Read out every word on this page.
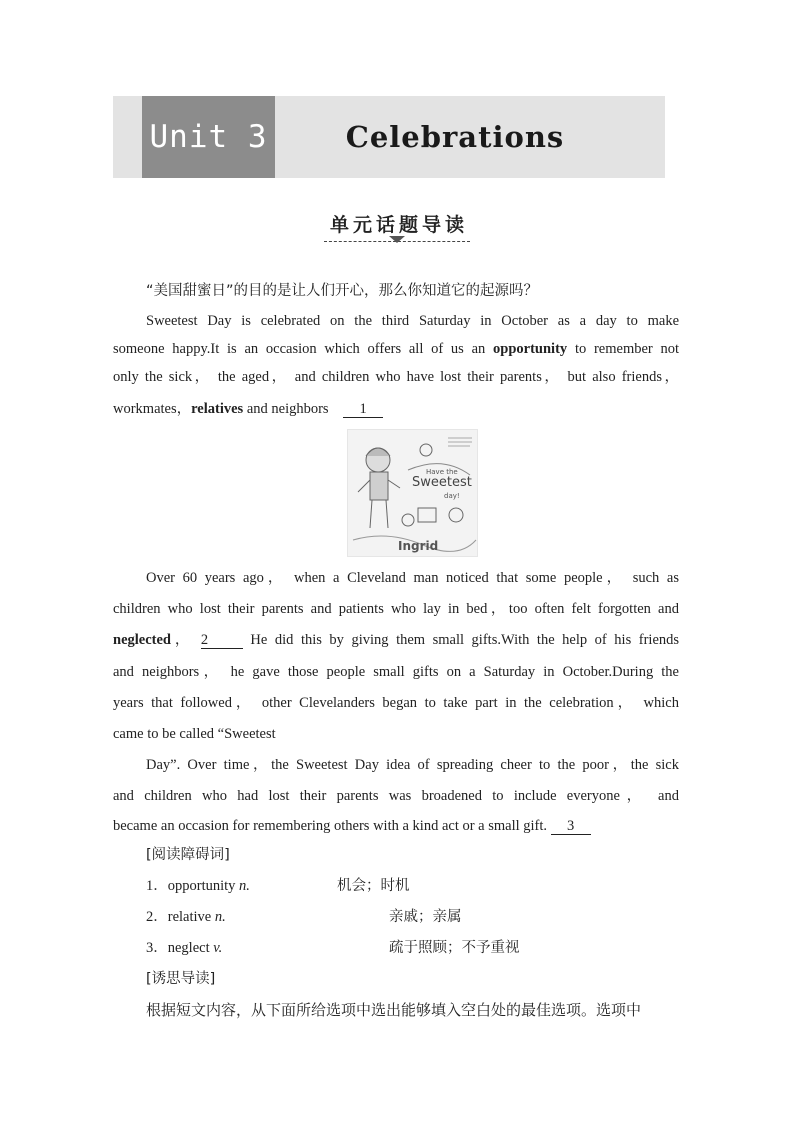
Unit 3	Celebrations
单元话题导读
“美国甜蜜日”的目的是让人们开心，那么你知道它的起源吗？
Sweetest Day is celebrated on the third Saturday in October as a day to make
someone happy.It is an occasion which offers all of us an opportunity to remember not
only the sick， the aged， and children who have lost their parents， but also friends，
workmates，relatives and neighbors 1
Have the
Sweetest
day!
Ingrid
Over 60 years ago， when a Cleveland man noticed that some people， such as
children who lost their parents and patients who lay in bed，too often felt forgotten and
neglected， 2	He did this by giving them small gifts.With the help of his friends
and neighbors， he gave those people small gifts on a Saturday in October.During the
years that followed， other Clevelanders began to take part in the celebration， which
came to be called “Sweetest
Day”. Over time，the Sweetest Day idea of spreading cheer to the poor，the sick
and children who had lost their parents was broadened to include everyone， and
became an occasion for remembering others with a kind act or a small gift. 3
[阅读障碍词]
1．opportunity n.	机会；时机
2．relative n.	亲戚；亲属
3．neglect v.	疏于照顾；不予重视
[诱思导读]
根据短文内容，从下面所给选项中选出能够填入空白处的最佳选项。选项中
